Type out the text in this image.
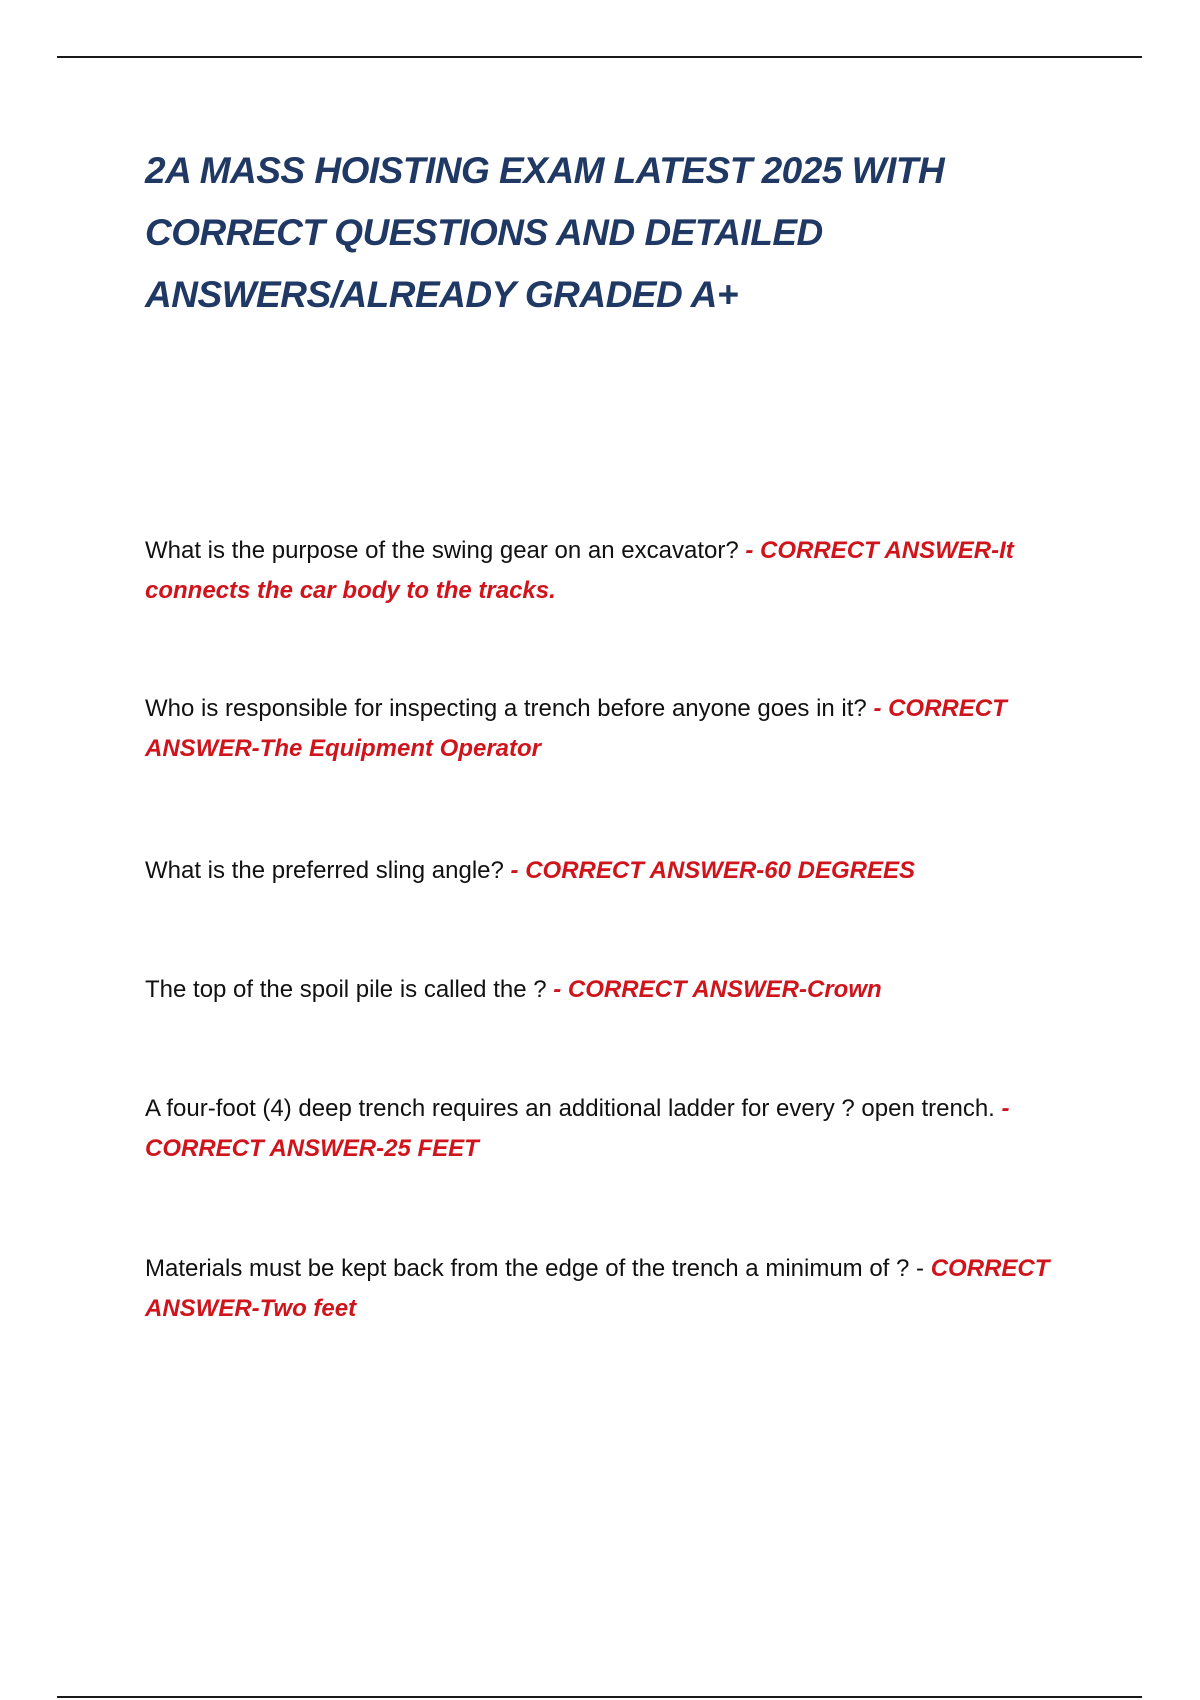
2A MASS HOISTING EXAM LATEST 2025 WITH CORRECT QUESTIONS AND DETAILED ANSWERS/ALREADY GRADED A+

What is the purpose of the swing gear on an excavator? - CORRECT ANSWER-It connects the car body to the tracks.

Who is responsible for inspecting a trench before anyone goes in it? - CORRECT ANSWER-The Equipment Operator

What is the preferred sling angle? - CORRECT ANSWER-60 DEGREES

The top of the spoil pile is called the ? - CORRECT ANSWER-Crown

A four-foot (4) deep trench requires an additional ladder for every ? open trench. - CORRECT ANSWER-25 FEET

Materials must be kept back from the edge of the trench a minimum of ? - CORRECT ANSWER-Two feet
